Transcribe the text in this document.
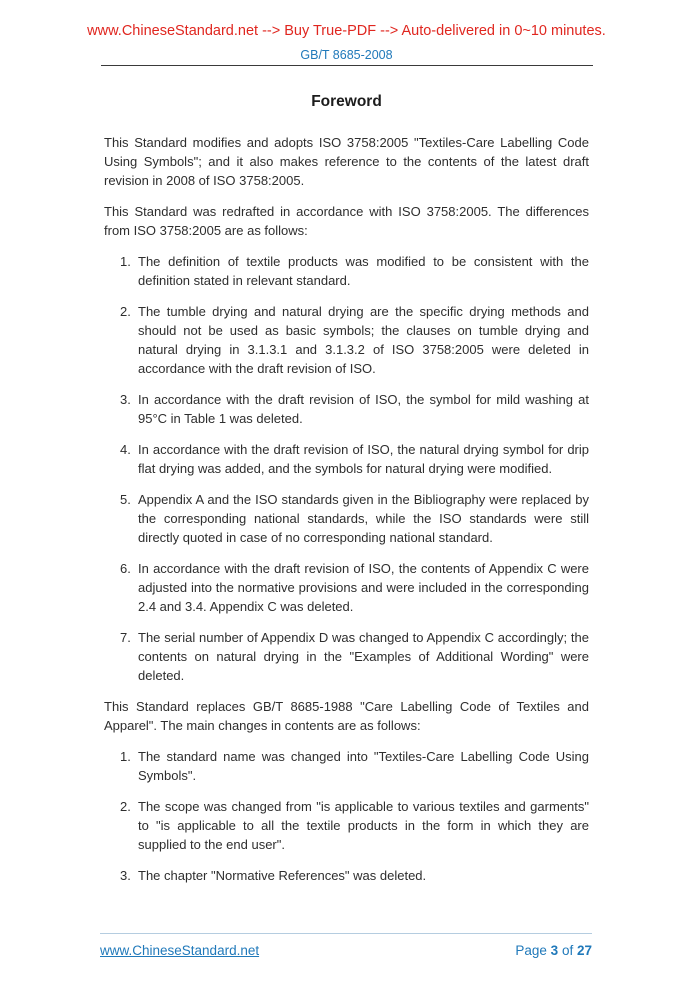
www.ChineseStandard.net --> Buy True-PDF --> Auto-delivered in 0~10 minutes.
GB/T 8685-2008
Foreword

This Standard modifies and adopts ISO 3758:2005 "Textiles-Care Labelling Code Using Symbols"; and it also makes reference to the contents of the latest draft revision in 2008 of ISO 3758:2005.

This Standard was redrafted in accordance with ISO 3758:2005. The differences from ISO 3758:2005 are as follows:

1. The definition of textile products was modified to be consistent with the definition stated in relevant standard.
2. The tumble drying and natural drying are the specific drying methods and should not be used as basic symbols; the clauses on tumble drying and natural drying in 3.1.3.1 and 3.1.3.2 of ISO 3758:2005 were deleted in accordance with the draft revision of ISO.
3. In accordance with the draft revision of ISO, the symbol for mild washing at 95°C in Table 1 was deleted.
4. In accordance with the draft revision of ISO, the natural drying symbol for drip flat drying was added, and the symbols for natural drying were modified.
5. Appendix A and the ISO standards given in the Bibliography were replaced by the corresponding national standards, while the ISO standards were still directly quoted in case of no corresponding national standard.
6. In accordance with the draft revision of ISO, the contents of Appendix C were adjusted into the normative provisions and were included in the corresponding 2.4 and 3.4. Appendix C was deleted.
7. The serial number of Appendix D was changed to Appendix C accordingly; the contents on natural drying in the "Examples of Additional Wording" were deleted.

This Standard replaces GB/T 8685-1988 "Care Labelling Code of Textiles and Apparel". The main changes in contents are as follows:

1. The standard name was changed into "Textiles-Care Labelling Code Using Symbols".
2. The scope was changed from "is applicable to various textiles and garments" to "is applicable to all the textile products in the form in which they are supplied to the end user".
3. The chapter "Normative References" was deleted.
www.ChineseStandard.net	Page 3 of 27
